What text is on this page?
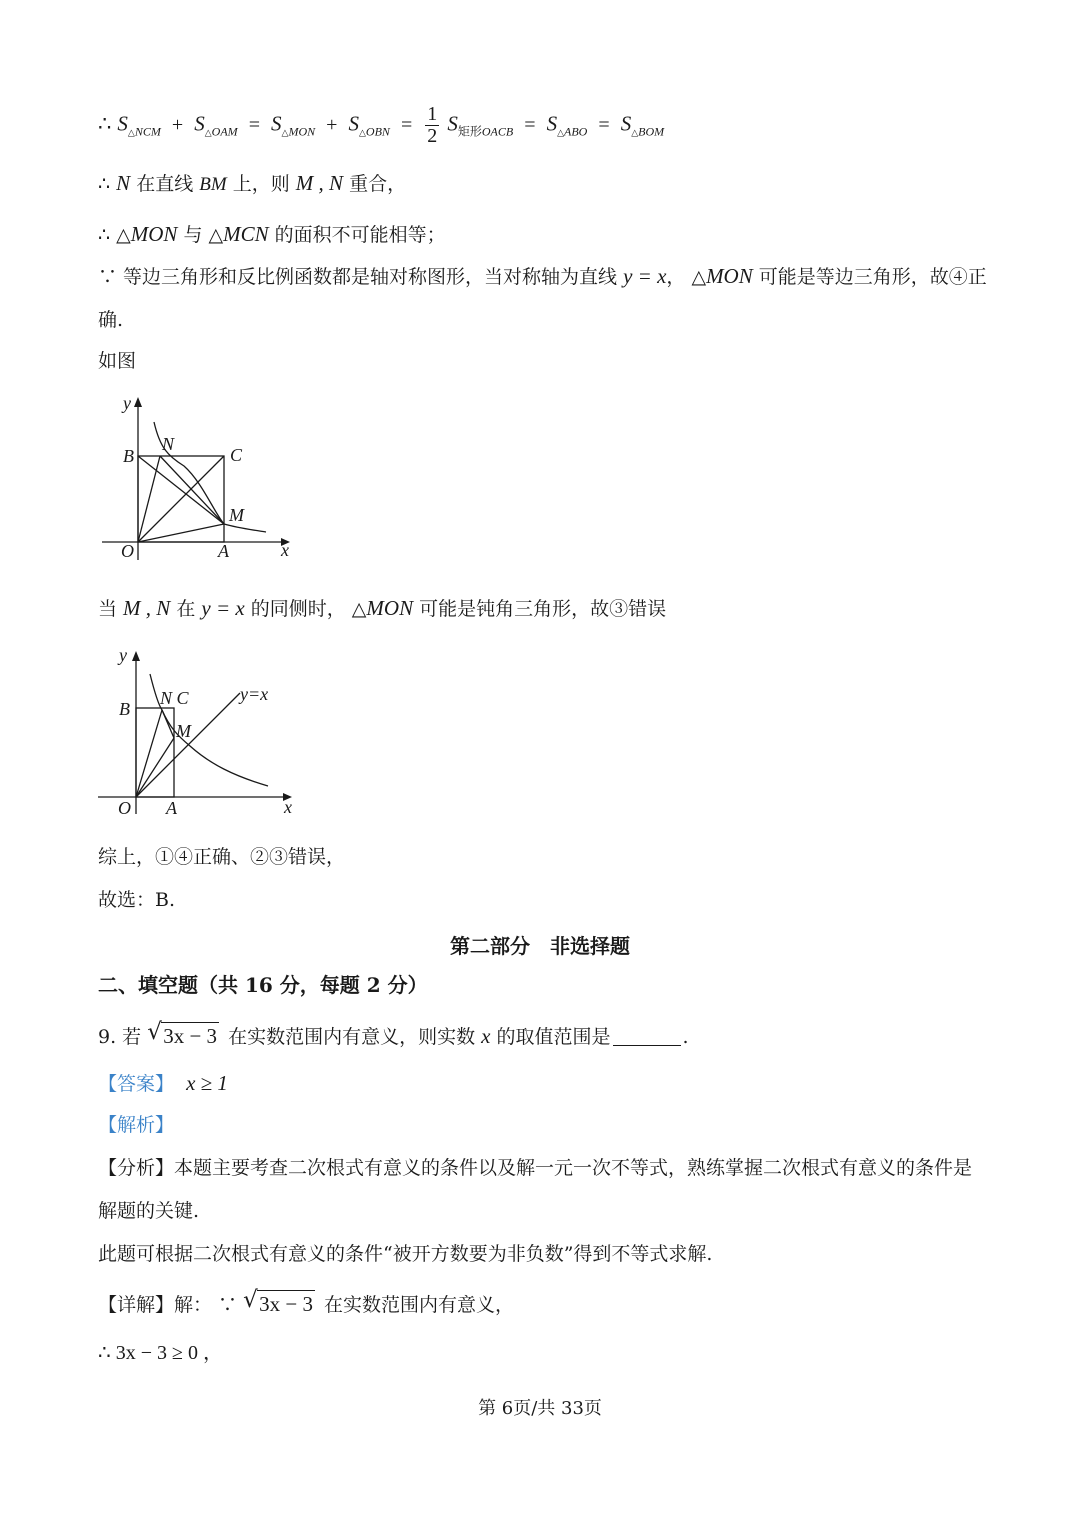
∴ $S_{\triangle NCM} + S_{\triangle OAM} = S_{\triangle MON} + S_{\triangle OBN} = \frac{1}{2} S_{矩形OACB} = S_{\triangle ABO} = S_{\triangle BOM}$
∴ N 在直线 BM 上，则 M , N 重合，
∴ △MON 与 △MCN 的面积不可能相等；
∵ 等边三角形和反比例函数都是轴对称图形，当对称轴为直线 y = x， △MON 可能是等边三角形，故④正
确.
如图
y
x
B
N
C
M
O	A
当 M , N 在 y = x 的同侧时， △MON 可能是钝角三角形，故③错误
y
x
B
N C
M
O A
y=x
综上，①④正确、②③错误，
故选：B.
第二部分　非选择题
二、填空题（共 16 分，每题 2 分）
9. 若 √ 3x − 3 在实数范围内有意义，则实数 x 的取值范围是	.
【答案】 x ≥ 1
【解析】
【分析】本题主要考查二次根式有意义的条件以及解一元一次不等式，熟练掌握二次根式有意义的条件是
解题的关键.
此题可根据二次根式有意义的条件“被开方数要为非负数”得到不等式求解.
【详解】解： ∵ √ 3x − 3 在实数范围内有意义，
∴ 3x − 3 ≥ 0 ，
第 6页/共 33页
